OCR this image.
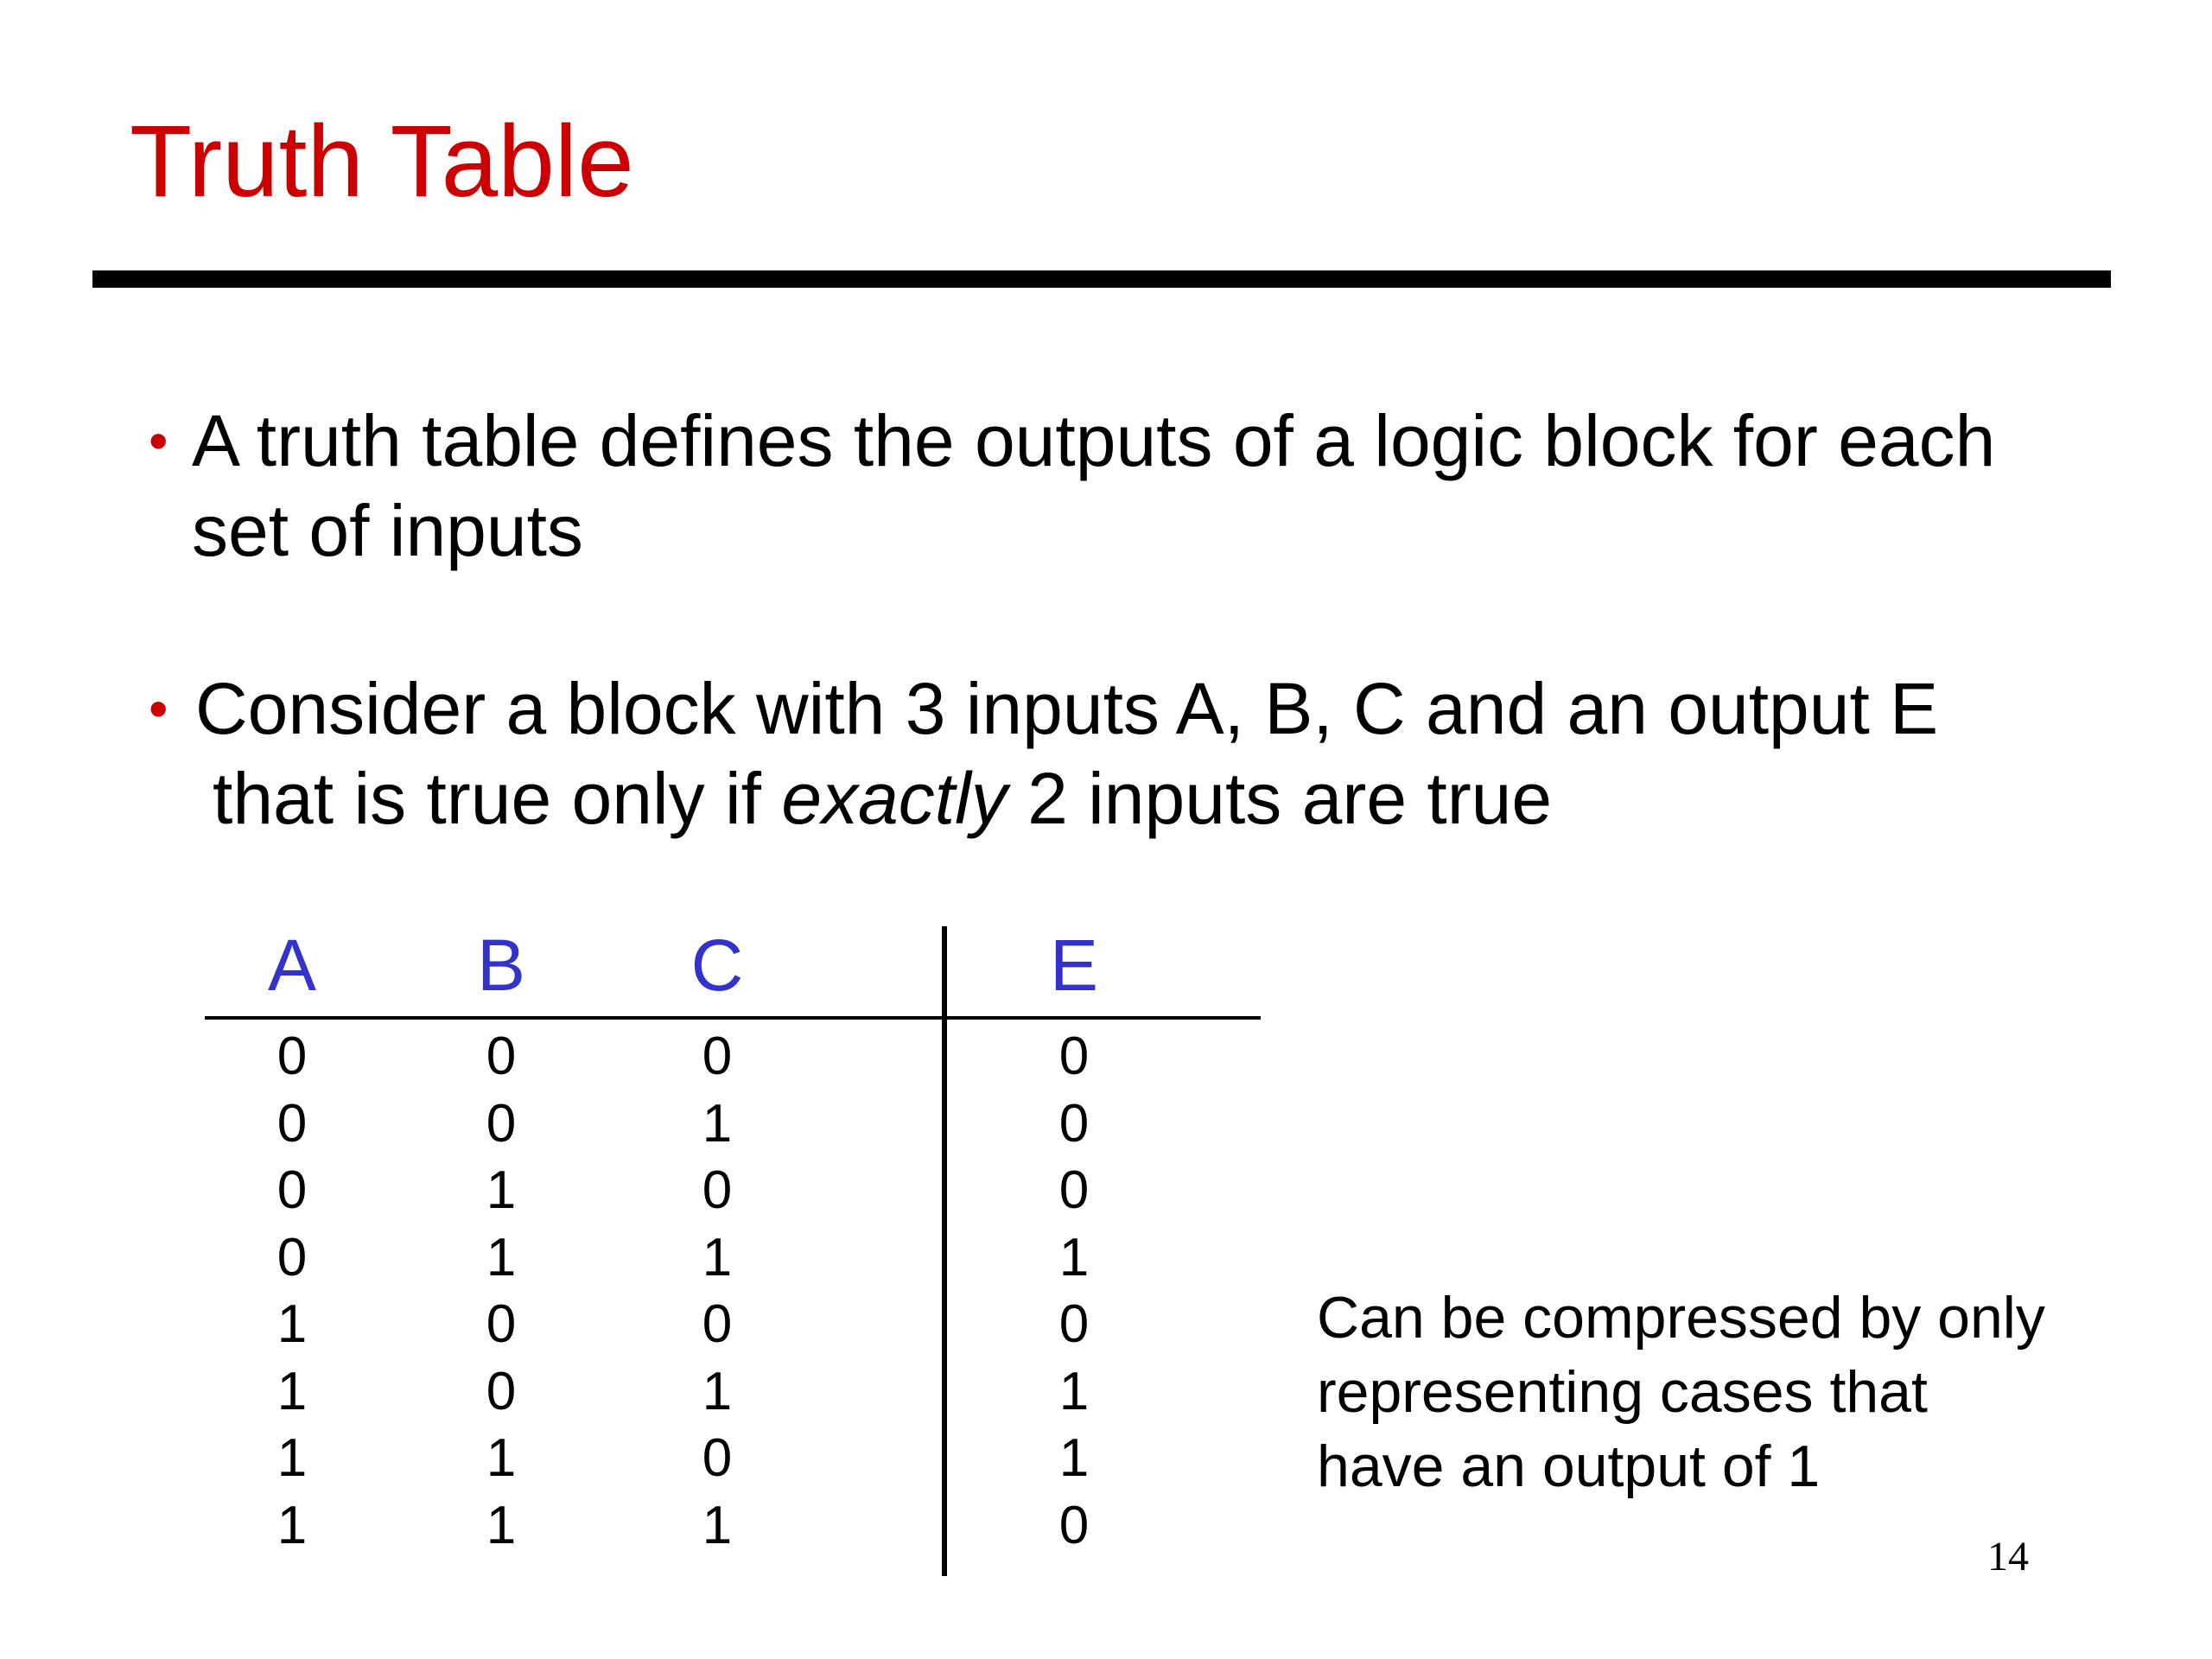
Truth Table
• A truth table defines the outputs of a logic block for each
set of inputs
• Consider a block with 3 inputs A, B, C and an output E
that is true only if exactly 2 inputs are true
A	B	C	E
0	0	0	0
0	0	1	0
0	1	0	0
0	1	1	1
1	0	0	0
1	0	1	1
1	1	0	1
1	1	1	0
Can be compressed by only
representing cases that
have an output of 1
14
